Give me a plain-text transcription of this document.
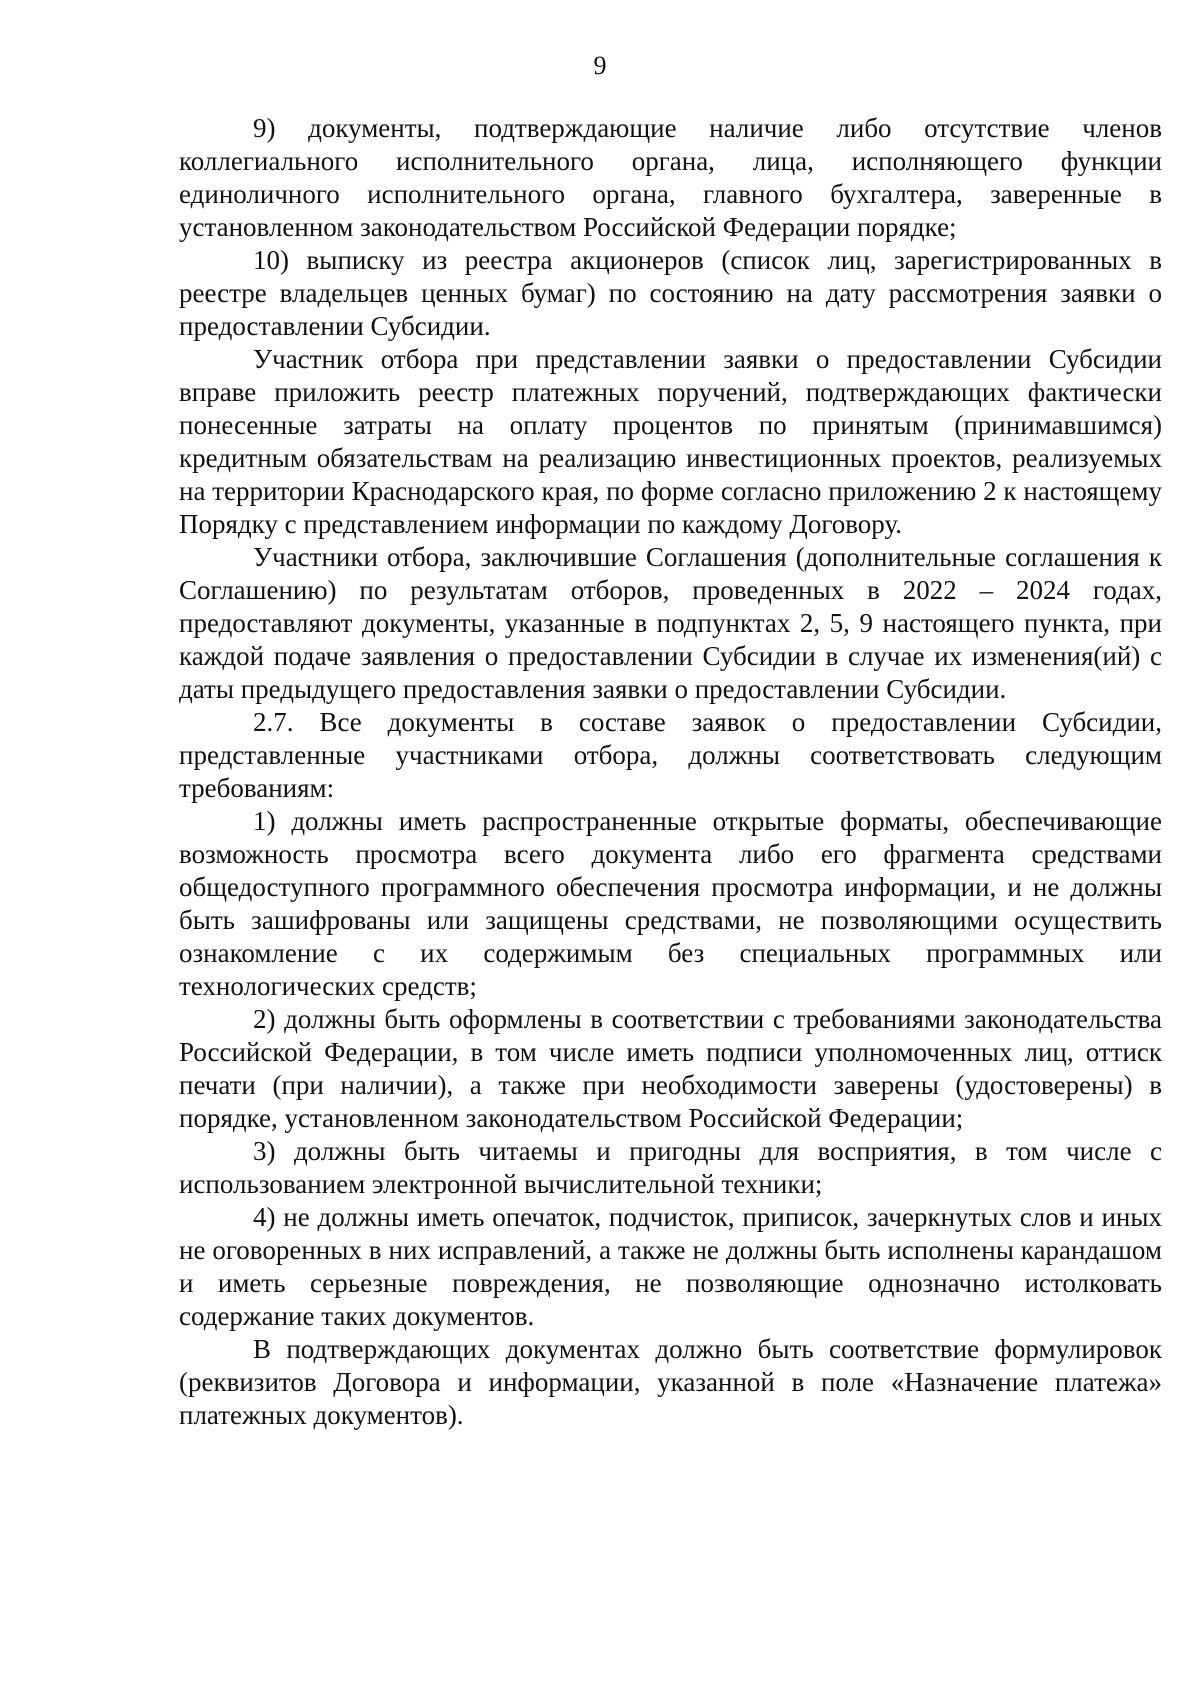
9

9) документы, подтверждающие наличие либо отсутствие членов коллегиального исполнительного органа, лица, исполняющего функции единоличного исполнительного органа, главного бухгалтера, заверенные в установленном законодательством Российской Федерации порядке;

10) выписку из реестра акционеров (список лиц, зарегистрированных в реестре владельцев ценных бумаг) по состоянию на дату рассмотрения заявки о предоставлении Субсидии.

Участник отбора при представлении заявки о предоставлении Субсидии вправе приложить реестр платежных поручений, подтверждающих фактически понесенные затраты на оплату процентов по принятым (принимавшимся) кредитным обязательствам на реализацию инвестиционных проектов, реализуемых на территории Краснодарского края, по форме согласно приложению 2 к настоящему Порядку с представлением информации по каждому Договору.

Участники отбора, заключившие Соглашения (дополнительные соглашения к Соглашению) по результатам отборов, проведенных в 2022 – 2024 годах, предоставляют документы, указанные в подпунктах 2, 5, 9 настоящего пункта, при каждой подаче заявления о предоставлении Субсидии в случае их изменения(ий) с даты предыдущего предоставления заявки о предоставлении Субсидии.

2.7. Все документы в составе заявок о предоставлении Субсидии, представленные участниками отбора, должны соответствовать следующим требованиям:

1) должны иметь распространенные открытые форматы, обеспечивающие возможность просмотра всего документа либо его фрагмента средствами общедоступного программного обеспечения просмотра информации, и не должны быть зашифрованы или защищены средствами, не позволяющими осуществить ознакомление с их содержимым без специальных программных или технологических средств;

2) должны быть оформлены в соответствии с требованиями законодательства Российской Федерации, в том числе иметь подписи уполномоченных лиц, оттиск печати (при наличии), а также при необходимости заверены (удостоверены) в порядке, установленном законодательством Российской Федерации;

3) должны быть читаемы и пригодны для восприятия, в том числе с использованием электронной вычислительной техники;

4) не должны иметь опечаток, подчисток, приписок, зачеркнутых слов и иных не оговоренных в них исправлений, а также не должны быть исполнены карандашом и иметь серьезные повреждения, не позволяющие однозначно истолковать содержание таких документов.

В подтверждающих документах должно быть соответствие формулировок (реквизитов Договора и информации, указанной в поле «Назначение платежа» платежных документов).
